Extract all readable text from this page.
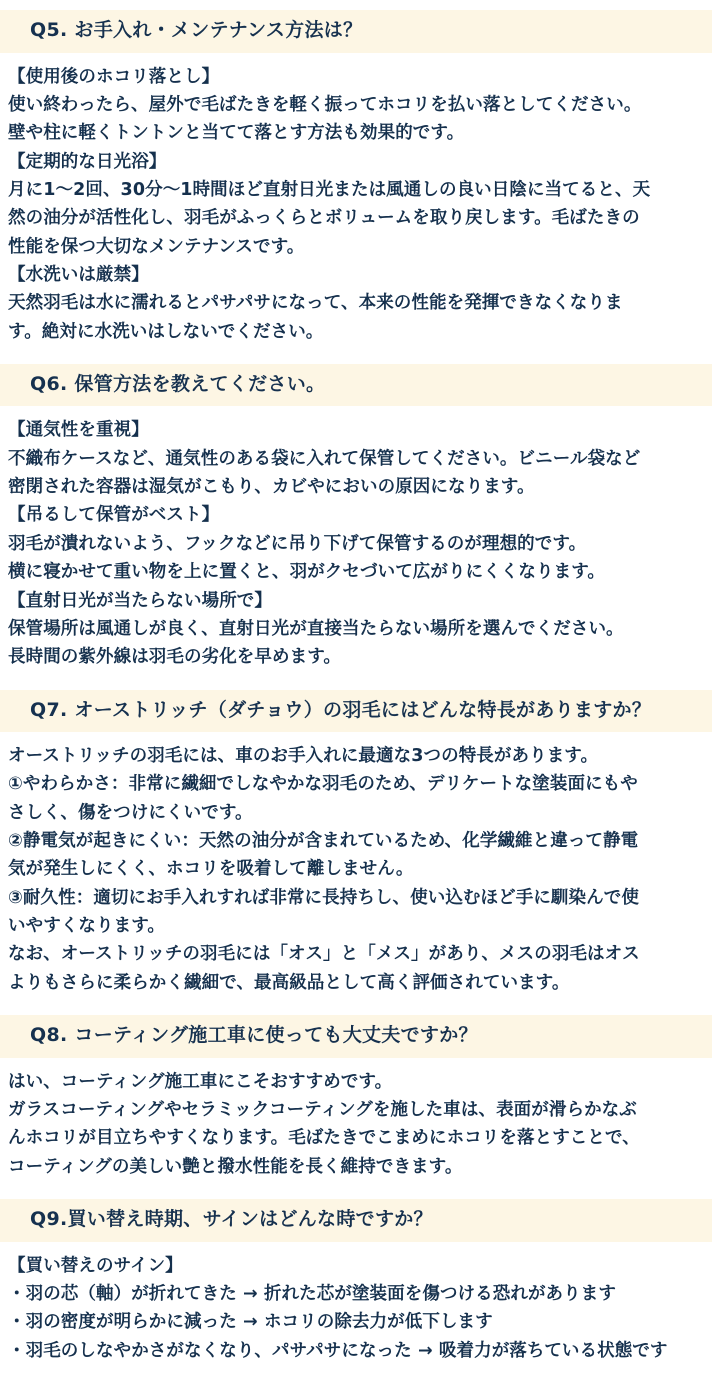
Q5. お手入れ・メンテナンス方法は？

【使用後のホコリ落とし】

使い終わったら、屋外で毛ばたきを軽く振ってホコリを払い落としてください。

壁や柱に軽くトントンと当てて落とす方法も効果的です。

【定期的な日光浴】

月に1〜2回、30分〜1時間ほど直射日光または風通しの良い日陰に当てると、天

然の油分が活性化し、羽毛がふっくらとボリュームを取り戻します。毛ばたきの

性能を保つ大切なメンテナンスです。

【水洗いは厳禁】

天然羽毛は水に濡れるとパサパサになって、本来の性能を発揮できなくなりま

す。絶対に水洗いはしないでください。

Q6. 保管方法を教えてください。

【通気性を重視】

不織布ケースなど、通気性のある袋に入れて保管してください。ビニール袋など

密閉された容器は湿気がこもり、カビやにおいの原因になります。

【吊るして保管がベスト】

羽毛が潰れないよう、フックなどに吊り下げて保管するのが理想的です。

横に寝かせて重い物を上に置くと、羽がクセづいて広がりにくくなります。

【直射日光が当たらない場所で】

保管場所は風通しが良く、直射日光が直接当たらない場所を選んでください。

長時間の紫外線は羽毛の劣化を早めます。

Q7. オーストリッチ（ダチョウ）の羽毛にはどんな特長がありますか？

オーストリッチの羽毛には、車のお手入れに最適な3つの特長があります。

①やわらかさ：非常に繊細でしなやかな羽毛のため、デリケートな塗装面にもや

さしく、傷をつけにくいです。

②静電気が起きにくい：天然の油分が含まれているため、化学繊維と違って静電

気が発生しにくく、ホコリを吸着して離しません。

③耐久性：適切にお手入れすれば非常に長持ちし、使い込むほど手に馴染んで使

いやすくなります。

なお、オーストリッチの羽毛には「オス」と「メス」があり、メスの羽毛はオス

よりもさらに柔らかく繊細で、最高級品として高く評価されています。

Q8. コーティング施工車に使っても大丈夫ですか？

はい、コーティング施工車にこそおすすめです。

ガラスコーティングやセラミックコーティングを施した車は、表面が滑らかなぶ

んホコリが目立ちやすくなります。毛ばたきでこまめにホコリを落とすことで、

コーティングの美しい艶と撥水性能を長く維持できます。

Q9.買い替え時期、サインはどんな時ですか？

【買い替えのサイン】

・羽の芯（軸）が折れてきた → 折れた芯が塗装面を傷つける恐れがあります

・羽の密度が明らかに減った → ホコリの除去力が低下します

・羽毛のしなやかさがなくなり、パサパサになった → 吸着力が落ちている状態です
